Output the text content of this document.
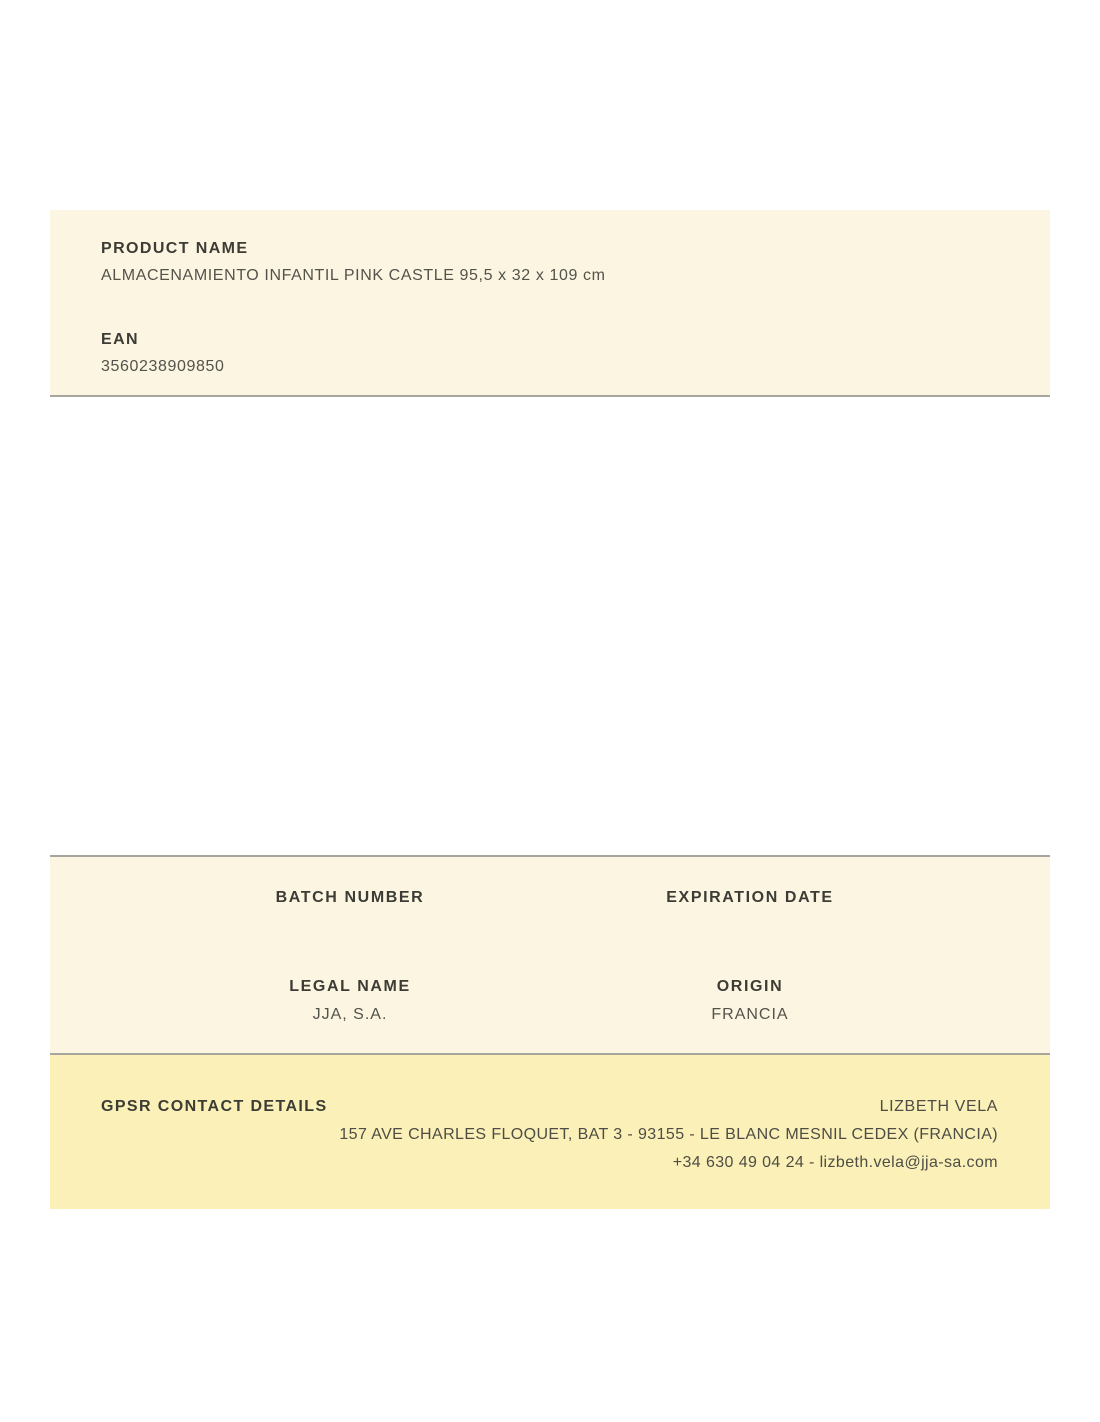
PRODUCT NAME
ALMACENAMIENTO INFANTIL PINK CASTLE 95,5 x 32 x 109 cm
EAN
3560238909850
BATCH NUMBER	EXPIRATION DATE
LEGAL NAME
JJA, S.A.
ORIGIN
FRANCIA
GPSR CONTACT DETAILS	LIZBETH VELA
157 AVE CHARLES FLOQUET, BAT 3 - 93155 - LE BLANC MESNIL CEDEX (FRANCIA)
+34 630 49 04 24 - lizbeth.vela@jja-sa.com
